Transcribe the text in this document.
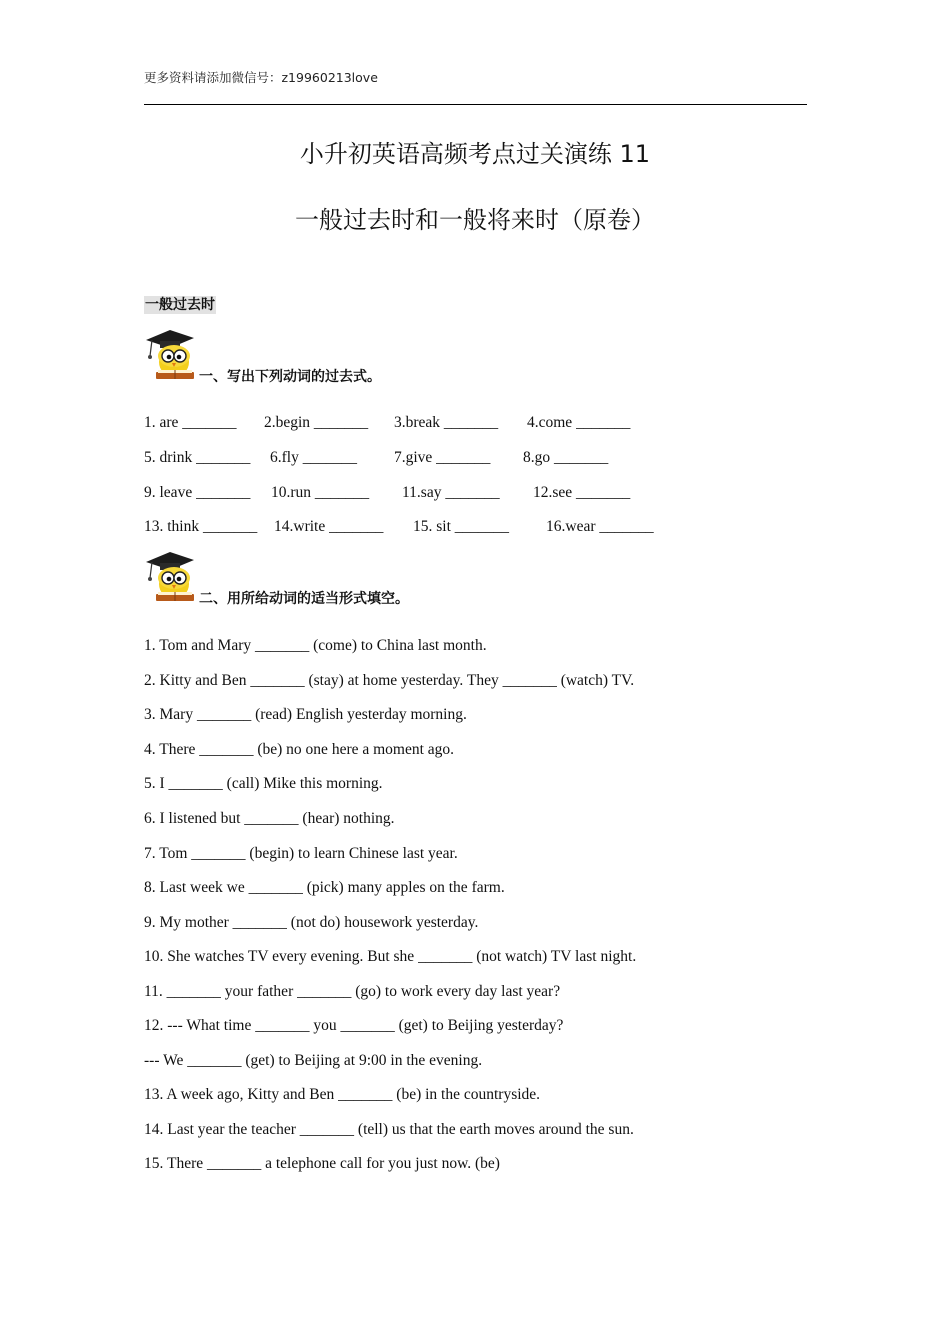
更多资料请添加微信号：z19960213love
小升初英语高频考点过关演练 11
一般过去时和一般将来时（原卷）
一般过去时
一、写出下列动词的过去式。

1. are _______

2.begin _______

3.break _______

4.come _______

5. drink _______

6.fly _______

7.give _______

8.go _______

9. leave _______

10.run _______

11.say _______

12.see _______

13. think _______

14.write _______

15. sit _______

16.wear _______

二、用所给动词的适当形式填空。
1. Tom and Mary _______ (come) to China last month.
2. Kitty and Ben _______ (stay) at home yesterday. They _______ (watch) TV.
3. Mary _______ (read) English yesterday morning.
4. There _______ (be) no one here a moment ago.
5. I _______ (call) Mike this morning.
6. I listened but _______ (hear) nothing.
7. Tom _______ (begin) to learn Chinese last year.
8. Last week we _______ (pick) many apples on the farm.
9. My mother _______ (not do) housework yesterday.
10. She watches TV every evening. But she _______ (not watch) TV last night.
11. _______ your father _______ (go) to work every day last year?
12. --- What time _______ you _______ (get) to Beijing yesterday?
--- We _______ (get) to Beijing at 9:00 in the evening.
13. A week ago, Kitty and Ben _______ (be) in the countryside.
14. Last year the teacher _______ (tell) us that the earth moves around the sun.
15. There _______ a telephone call for you just now. (be)
